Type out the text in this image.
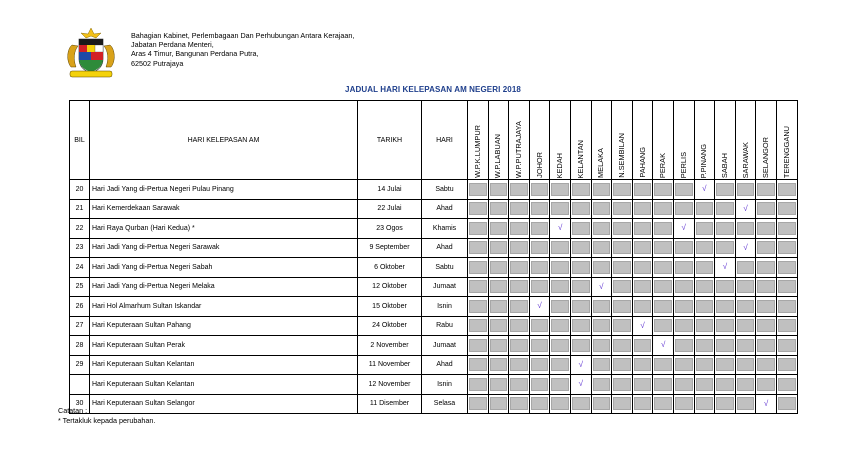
Bahagian Kabinet, Perlembagaan Dan Perhubungan Antara Kerajaan,
Jabatan Perdana Menteri,
Aras 4 Timur, Bangunan Perdana Putra,
62502 Putrajaya
JADUAL HARI KELEPASAN AM NEGERI 2018
BIL	HARI KELEPASAN AM	TARIKH	HARI	W.P.K.LUMPUR	W.P.LABUAN	W.P.PUTRAJAYA	JOHOR	KEDAH	KELANTAN	MELAKA	N.SEMBILAN	PAHANG	PERAK	PERLIS	P.PINANG	SABAH	SARAWAK	SELANGOR	TERENGGANU

20	Hari Jadi Yang di-Pertua Negeri Pulau Pinang	14 Julai	Sabtu												√				

21	Hari Kemerdekaan Sarawak	22 Julai	Ahad														√		

22	Hari Raya Qurban (Hari Kedua) *	23 Ogos	Khamis					√						√					

23	Hari Jadi Yang di-Pertua Negeri Sarawak	9 September	Ahad														√		

24	Hari Jadi Yang di-Pertua Negeri Sabah	6 Oktober	Sabtu													√			

25	Hari Jadi Yang di-Pertua Negeri Melaka	12 Oktober	Jumaat							√									

26	Hari Hol Almarhum Sultan Iskandar	15 Oktober	Isnin				√												

27	Hari Keputeraan Sultan Pahang	24 Oktober	Rabu									√							

28	Hari Keputeraan Sultan Perak	2 November	Jumaat										√						

29	Hari Keputeraan Sultan Kelantan	11 November	Ahad						√										

	Hari Keputeraan Sultan Kelantan	12 November	Isnin						√										

30	Hari Keputeraan Sultan Selangor	11 Disember	Selasa															√	

Catatan :
* Tertakluk kepada perubahan.
